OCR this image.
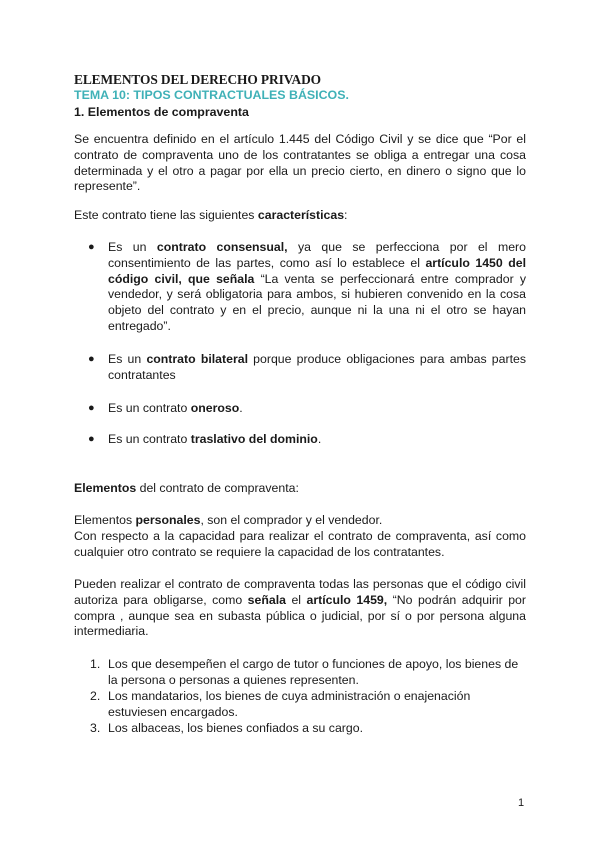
ELEMENTOS DEL DERECHO PRIVADO
TEMA 10: TIPOS CONTRACTUALES BÁSICOS.
1. Elementos de compraventa
Se encuentra definido en el artículo 1.445 del Código Civil y se dice que “Por el contrato de compraventa uno de los contratantes se obliga a entregar una cosa determinada y el otro a pagar por ella un precio cierto, en dinero o signo que lo represente”.
Este contrato tiene las siguientes características:
● Es un contrato consensual, ya que se perfecciona por el mero consentimiento de las partes, como así lo establece el artículo 1450 del código civil, que señala “La venta se perfeccionará entre comprador y vendedor, y será obligatoria para ambos, si hubieren convenido en la cosa objeto del contrato y en el precio, aunque ni la una ni el otro se hayan entregado”.
● Es un contrato bilateral porque produce obligaciones para ambas partes contratantes
● Es un contrato oneroso.
● Es un contrato traslativo del dominio.
Elementos del contrato de compraventa:
Elementos personales, son el comprador y el vendedor.
Con respecto a la capacidad para realizar el contrato de compraventa, así como cualquier otro contrato se requiere la capacidad de los contratantes.
Pueden realizar el contrato de compraventa todas las personas que el código civil autoriza para obligarse, como señala el artículo 1459, “No podrán adquirir por compra , aunque sea en subasta pública o judicial, por sí o por persona alguna intermediaria.
1. Los que desempeñen el cargo de tutor o funciones de apoyo, los bienes de la persona o personas a quienes representen.
2. Los mandatarios, los bienes de cuya administración o enajenación estuviesen encargados.
3. Los albaceas, los bienes confiados a su cargo.
1
